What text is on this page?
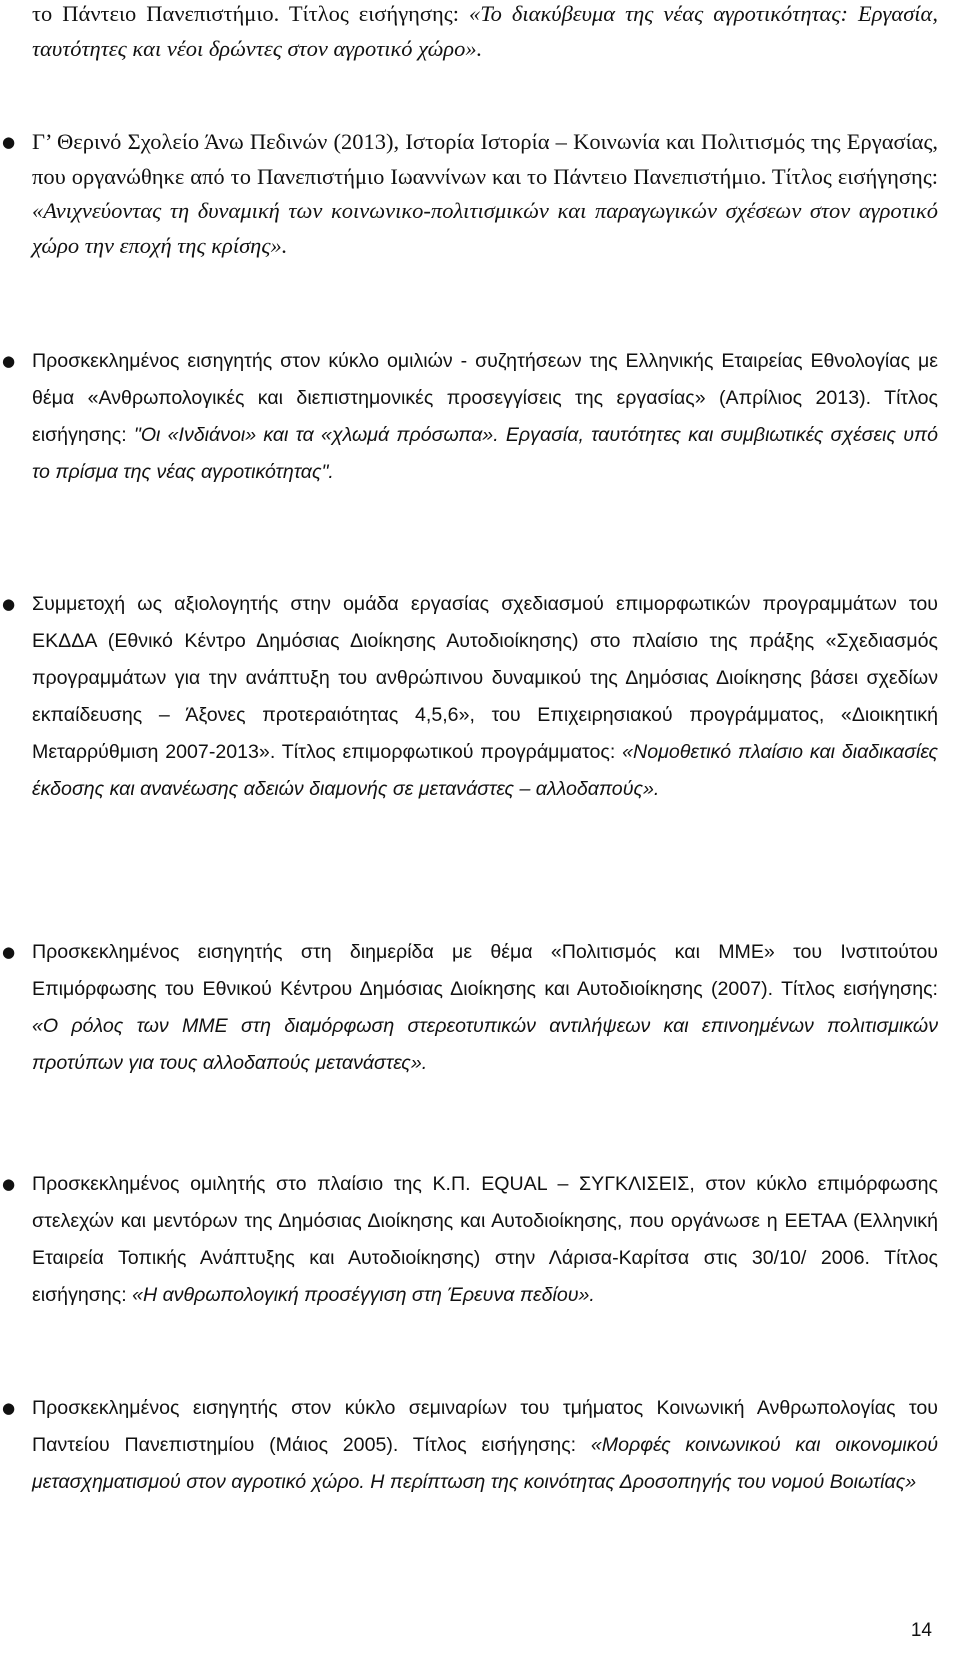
το Πάντειο Πανεπιστήμιο. Τίτλος εισήγησης: «Το διακύβευμα της νέας αγροτικότητας: Εργασία, ταυτότητες και νέοι δρώντες στον αγροτικό χώρο».

● Γ’ Θερινό Σχολείο Άνω Πεδινών (2013), Ιστορία Ιστορία – Κοινωνία και Πολιτισμός της Εργασίας, που οργανώθηκε από το Πανεπιστήμιο Ιωαννίνων και το Πάντειο Πανεπιστήμιο. Τίτλος εισήγησης: «Ανιχνεύοντας τη δυναμική των κοινωνικο-πολιτισμικών και παραγωγικών σχέσεων στον αγροτικό χώρο την εποχή της κρίσης».

● Προσκεκλημένος εισηγητής στον κύκλο ομιλιών - συζητήσεων της Ελληνικής Εταιρείας Εθνολογίας με θέμα «Ανθρωπολογικές και διεπιστημονικές προσεγγίσεις της εργασίας» (Απρίλιος 2013). Τίτλος εισήγησης: "Οι «Ινδιάνοι» και τα «χλωμά πρόσωπα». Εργασία, ταυτότητες και συμβιωτικές σχέσεις υπό το πρίσμα της νέας αγροτικότητας".

● Συμμετοχή ως αξιολογητής στην ομάδα εργασίας σχεδιασμού επιμορφωτικών προγραμμάτων του ΕΚΔΔΑ (Εθνικό Κέντρο Δημόσιας Διοίκησης Αυτοδιοίκησης) στο πλαίσιο της πράξης «Σχεδιασμός προγραμμάτων για την ανάπτυξη του ανθρώπινου δυναμικού της Δημόσιας Διοίκησης βάσει σχεδίων εκπαίδευσης – Άξονες προτεραιότητας 4,5,6», του Επιχειρησιακού προγράμματος, «Διοικητική Μεταρρύθμιση 2007-2013». Τίτλος επιμορφωτικού προγράμματος: «Νομοθετικό πλαίσιο και διαδικασίες έκδοσης και ανανέωσης αδειών διαμονής σε μετανάστες – αλλοδαπούς».

● Προσκεκλημένος εισηγητής στη διημερίδα με θέμα «Πολιτισμός και ΜΜΕ» του Ινστιτούτου Επιμόρφωσης του Εθνικού Κέντρου Δημόσιας Διοίκησης και Αυτοδιοίκησης (2007). Τίτλος εισήγησης: «Ο ρόλος των ΜΜΕ στη διαμόρφωση στερεοτυπικών αντιλήψεων και επινοημένων πολιτισμικών προτύπων για τους αλλοδαπούς μετανάστες».

● Προσκεκλημένος ομιλητής στο πλαίσιο της Κ.Π. EQUAL – ΣΥΓΚΛΙΣΕΙΣ, στον κύκλο επιμόρφωσης στελεχών και μεντόρων της Δημόσιας Διοίκησης και Αυτοδιοίκησης, που οργάνωσε η ΕΕΤΑΑ (Ελληνική Εταιρεία Τοπικής Ανάπτυξης και Αυτοδιοίκησης) στην Λάρισα-Καρίτσα στις 30/10/ 2006. Τίτλος εισήγησης: «Η ανθρωπολογική προσέγγιση στη Έρευνα πεδίου».

● Προσκεκλημένος εισηγητής στον κύκλο σεμιναρίων του τμήματος Κοινωνική Ανθρωπολογίας του Παντείου Πανεπιστημίου (Μάιος 2005). Τίτλος εισήγησης: «Μορφές κοινωνικού και οικονομικού μετασχηματισμού στον αγροτικό χώρο. Η περίπτωση της κοινότητας Δροσοπηγής του νομού Βοιωτίας»

14
